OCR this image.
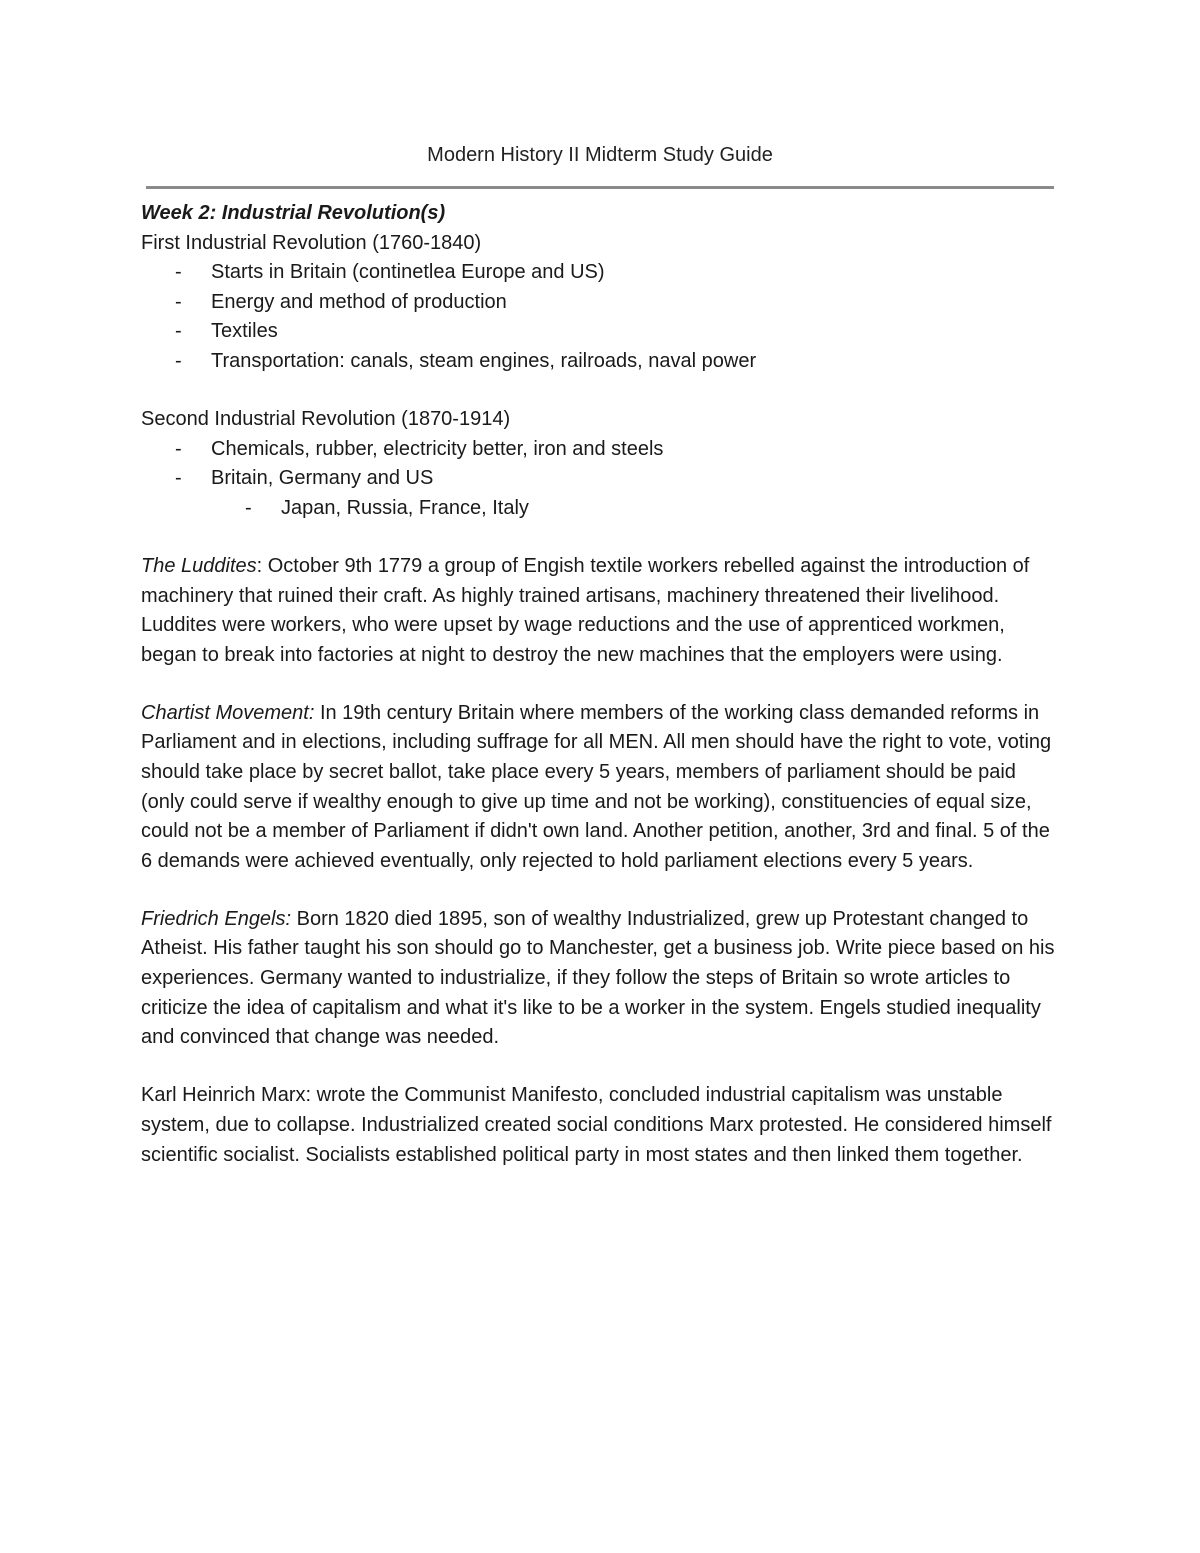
Modern History II Midterm Study Guide

Week 2: Industrial Revolution(s)

First Industrial Revolution (1760-1840)

- Starts in Britain (continetlea Europe and US)
- Energy and method of production
- Textiles
- Transportation: canals, steam engines, railroads, naval power

Second Industrial Revolution (1870-1914)

- Chemicals, rubber, electricity better, iron and steels
- Britain, Germany and US
- Japan, Russia, France, Italy

The Luddites: October 9th 1779 a group of Engish textile workers rebelled against the introduction of machinery that ruined their craft. As highly trained artisans, machinery threatened their livelihood. Luddites were workers, who were upset by wage reductions and the use of apprenticed workmen, began to break into factories at night to destroy the new machines that the employers were using.

Chartist Movement: In 19th century Britain where members of the working class demanded reforms in Parliament and in elections, including suffrage for all MEN. All men should have the right to vote, voting should take place by secret ballot, take place every 5 years, members of parliament should be paid (only could serve if wealthy enough to give up time and not be working), constituencies of equal size, could not be a member of Parliament if didn't own land. Another petition, another, 3rd and final. 5 of the 6 demands were achieved eventually, only rejected to hold parliament elections every 5 years.

Friedrich Engels: Born 1820 died 1895, son of wealthy Industrialized, grew up Protestant changed to Atheist. His father taught his son should go to Manchester, get a business job. Write piece based on his experiences. Germany wanted to industrialize, if they follow the steps of Britain so wrote articles to criticize the idea of capitalism and what it's like to be a worker in the system. Engels studied inequality and convinced that change was needed.

Karl Heinrich Marx: wrote the Communist Manifesto, concluded industrial capitalism was unstable system, due to collapse. Industrialized created social conditions Marx protested. He considered himself scientific socialist. Socialists established political party in most states and then linked them together.
